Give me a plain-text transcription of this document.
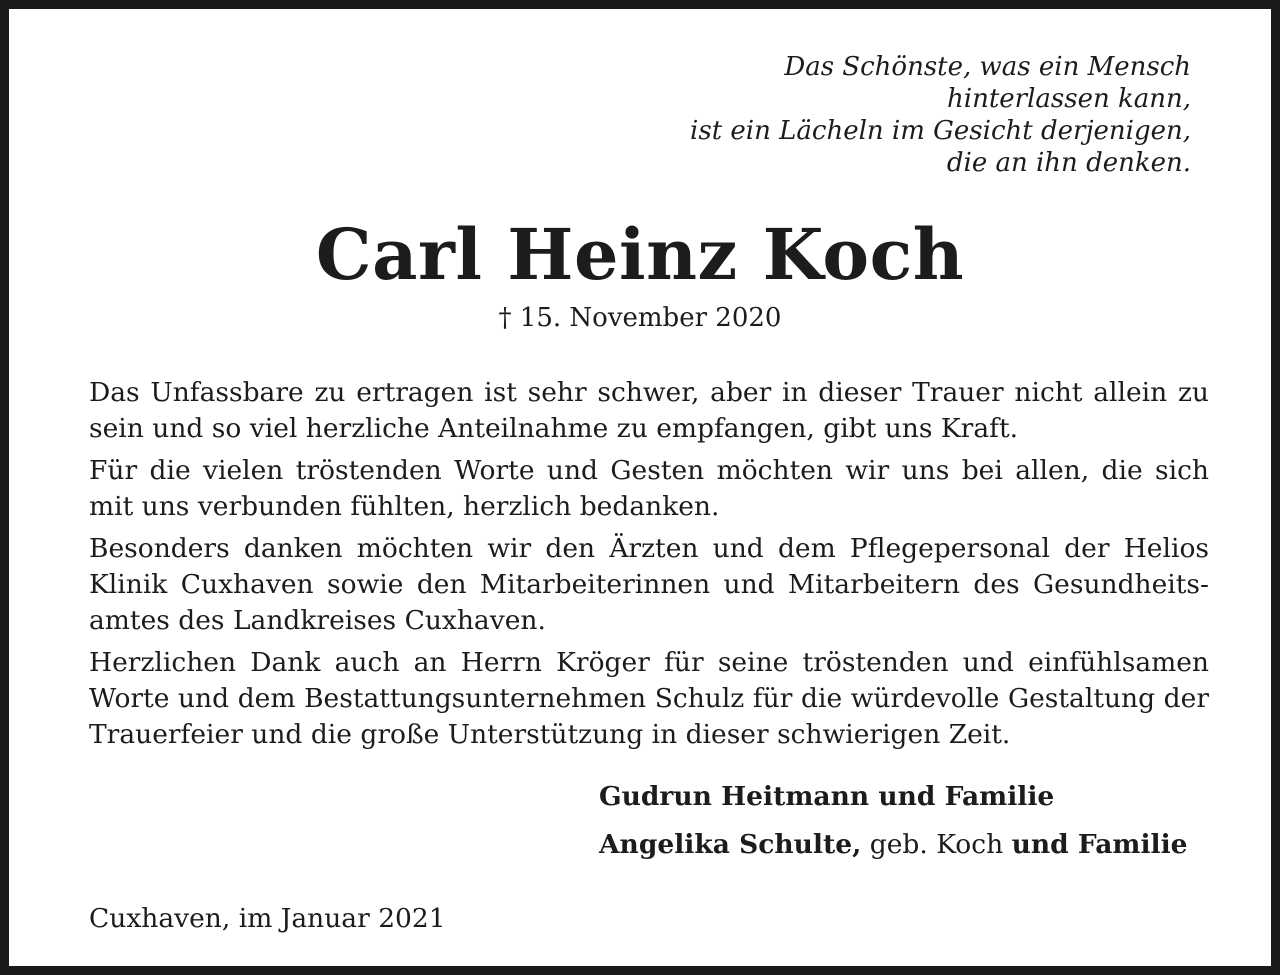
Das Schönste, was ein Mensch
hinterlassen kann,
ist ein Lächeln im Gesicht derjenigen,
die an ihn denken.
Carl Heinz Koch
† 15. November 2020

Das Unfassbare zu ertragen ist sehr schwer, aber in dieser Trauer nicht allein zu sein und so viel herzliche Anteilnahme zu empfangen, gibt uns Kraft.

Für die vielen tröstenden Worte und Gesten möchten wir uns bei allen, die sich mit uns verbunden fühlten, herzlich bedanken.

Besonders danken möchten wir den Ärzten und dem Pflegepersonal der Helios Klinik Cuxhaven sowie den Mitarbeiterinnen und Mitarbeitern des Gesundheitsamtes des Landkreises Cuxhaven.

Herzlichen Dank auch an Herrn Kröger für seine tröstenden und einfühlsamen Worte und dem Bestattungsunternehmen Schulz für die würdevolle Gestaltung der Trauerfeier und die große Unterstützung in dieser schwierigen Zeit.

Gudrun Heitmann und Familie
Angelika Schulte, geb. Koch und Familie
Cuxhaven, im Januar 2021
